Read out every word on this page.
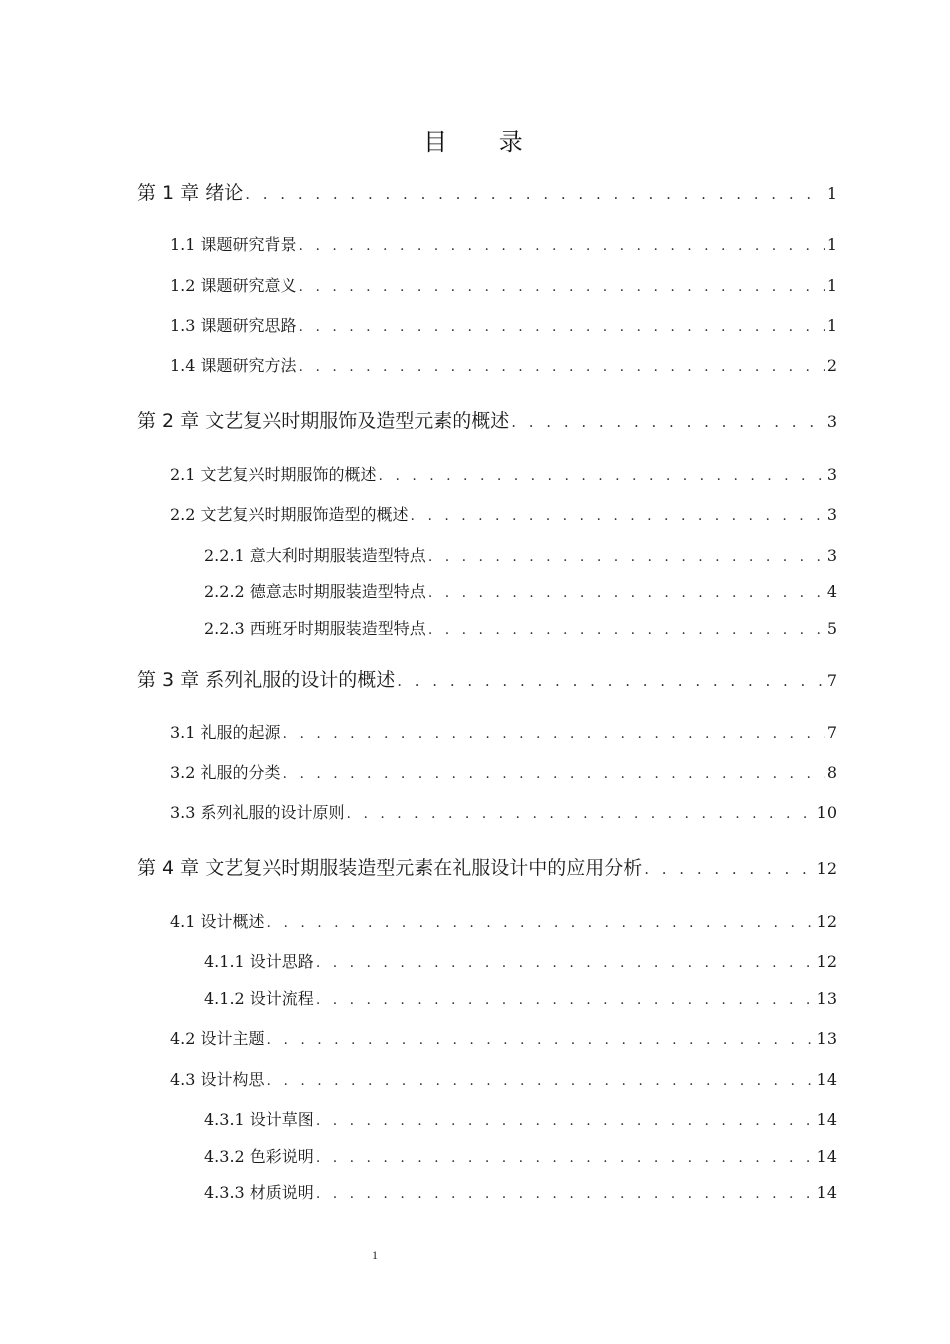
目 录
第 1 章 绪论 . . .	1
1.1 课题研究背景 . . .	1
1.2 课题研究意义 . . .	1
1.3 课题研究思路 . . .	1
1.4 课题研究方法 . . .	2
第 2 章 文艺复兴时期服饰及造型元素的概述 . . .	3
2.1 文艺复兴时期服饰的概述 . . .	3
2.2 文艺复兴时期服饰造型的概述 . . .	3
2.2.1 意大利时期服装造型特点 . . .	3
2.2.2 德意志时期服装造型特点 . . .	4
2.2.3 西班牙时期服装造型特点 . . .	5
第 3 章 系列礼服的设计的概述 . . .	7
3.1 礼服的起源 . . .	7
3.2 礼服的分类 . . .	8
3.3 系列礼服的设计原则 . . .	10
第 4 章 文艺复兴时期服装造型元素在礼服设计中的应用分析 . . .	12
4.1 设计概述 . . .	12
4.1.1 设计思路 . . .	12
4.1.2 设计流程 . . .	13
4.2 设计主题 . . .	13
4.3 设计构思 . . .	14
4.3.1 设计草图 . . .	14
4.3.2 色彩说明 . . .	14
4.3.3 材质说明 . . .	14
1
